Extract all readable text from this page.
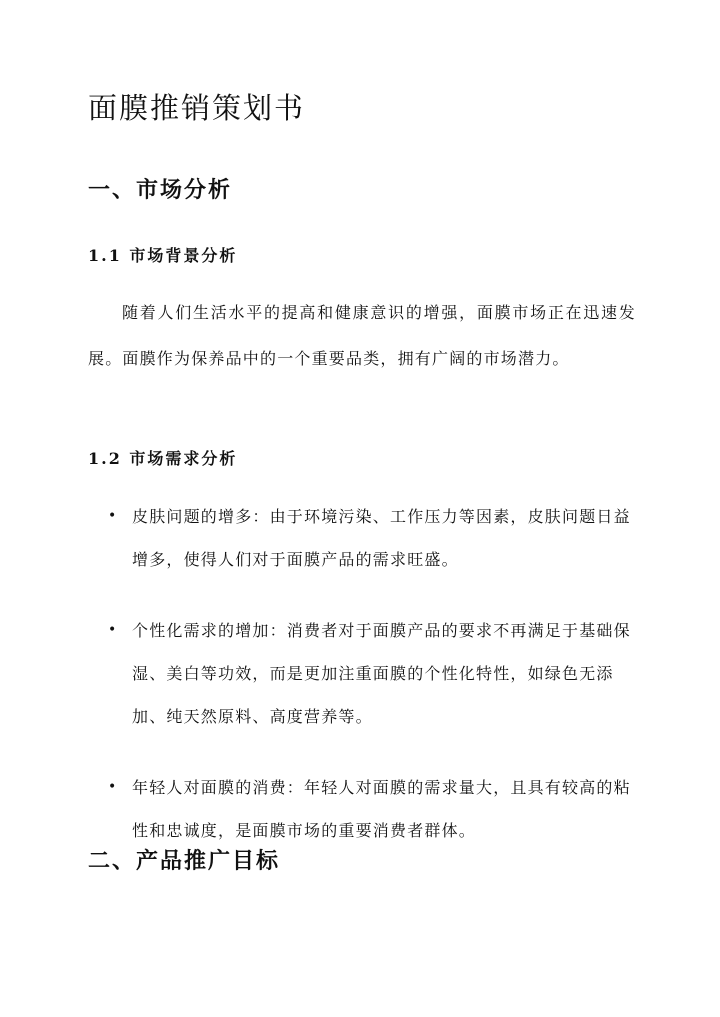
面膜推销策划书
一、市场分析
1.1 市场背景分析

随着人们生活水平的提高和健康意识的增强，面膜市场正在迅速发展。面膜作为保养品中的一个重要品类，拥有广阔的市场潜力。

1.2 市场需求分析
• 皮肤问题的增多：由于环境污染、工作压力等因素，皮肤问题日益增多，使得人们对于面膜产品的需求旺盛。
• 个性化需求的增加：消费者对于面膜产品的要求不再满足于基础保湿、美白等功效，而是更加注重面膜的个性化特性，如绿色无添加、纯天然原料、高度营养等。
• 年轻人对面膜的消费：年轻人对面膜的需求量大，且具有较高的粘性和忠诚度，是面膜市场的重要消费者群体。
二、产品推广目标
